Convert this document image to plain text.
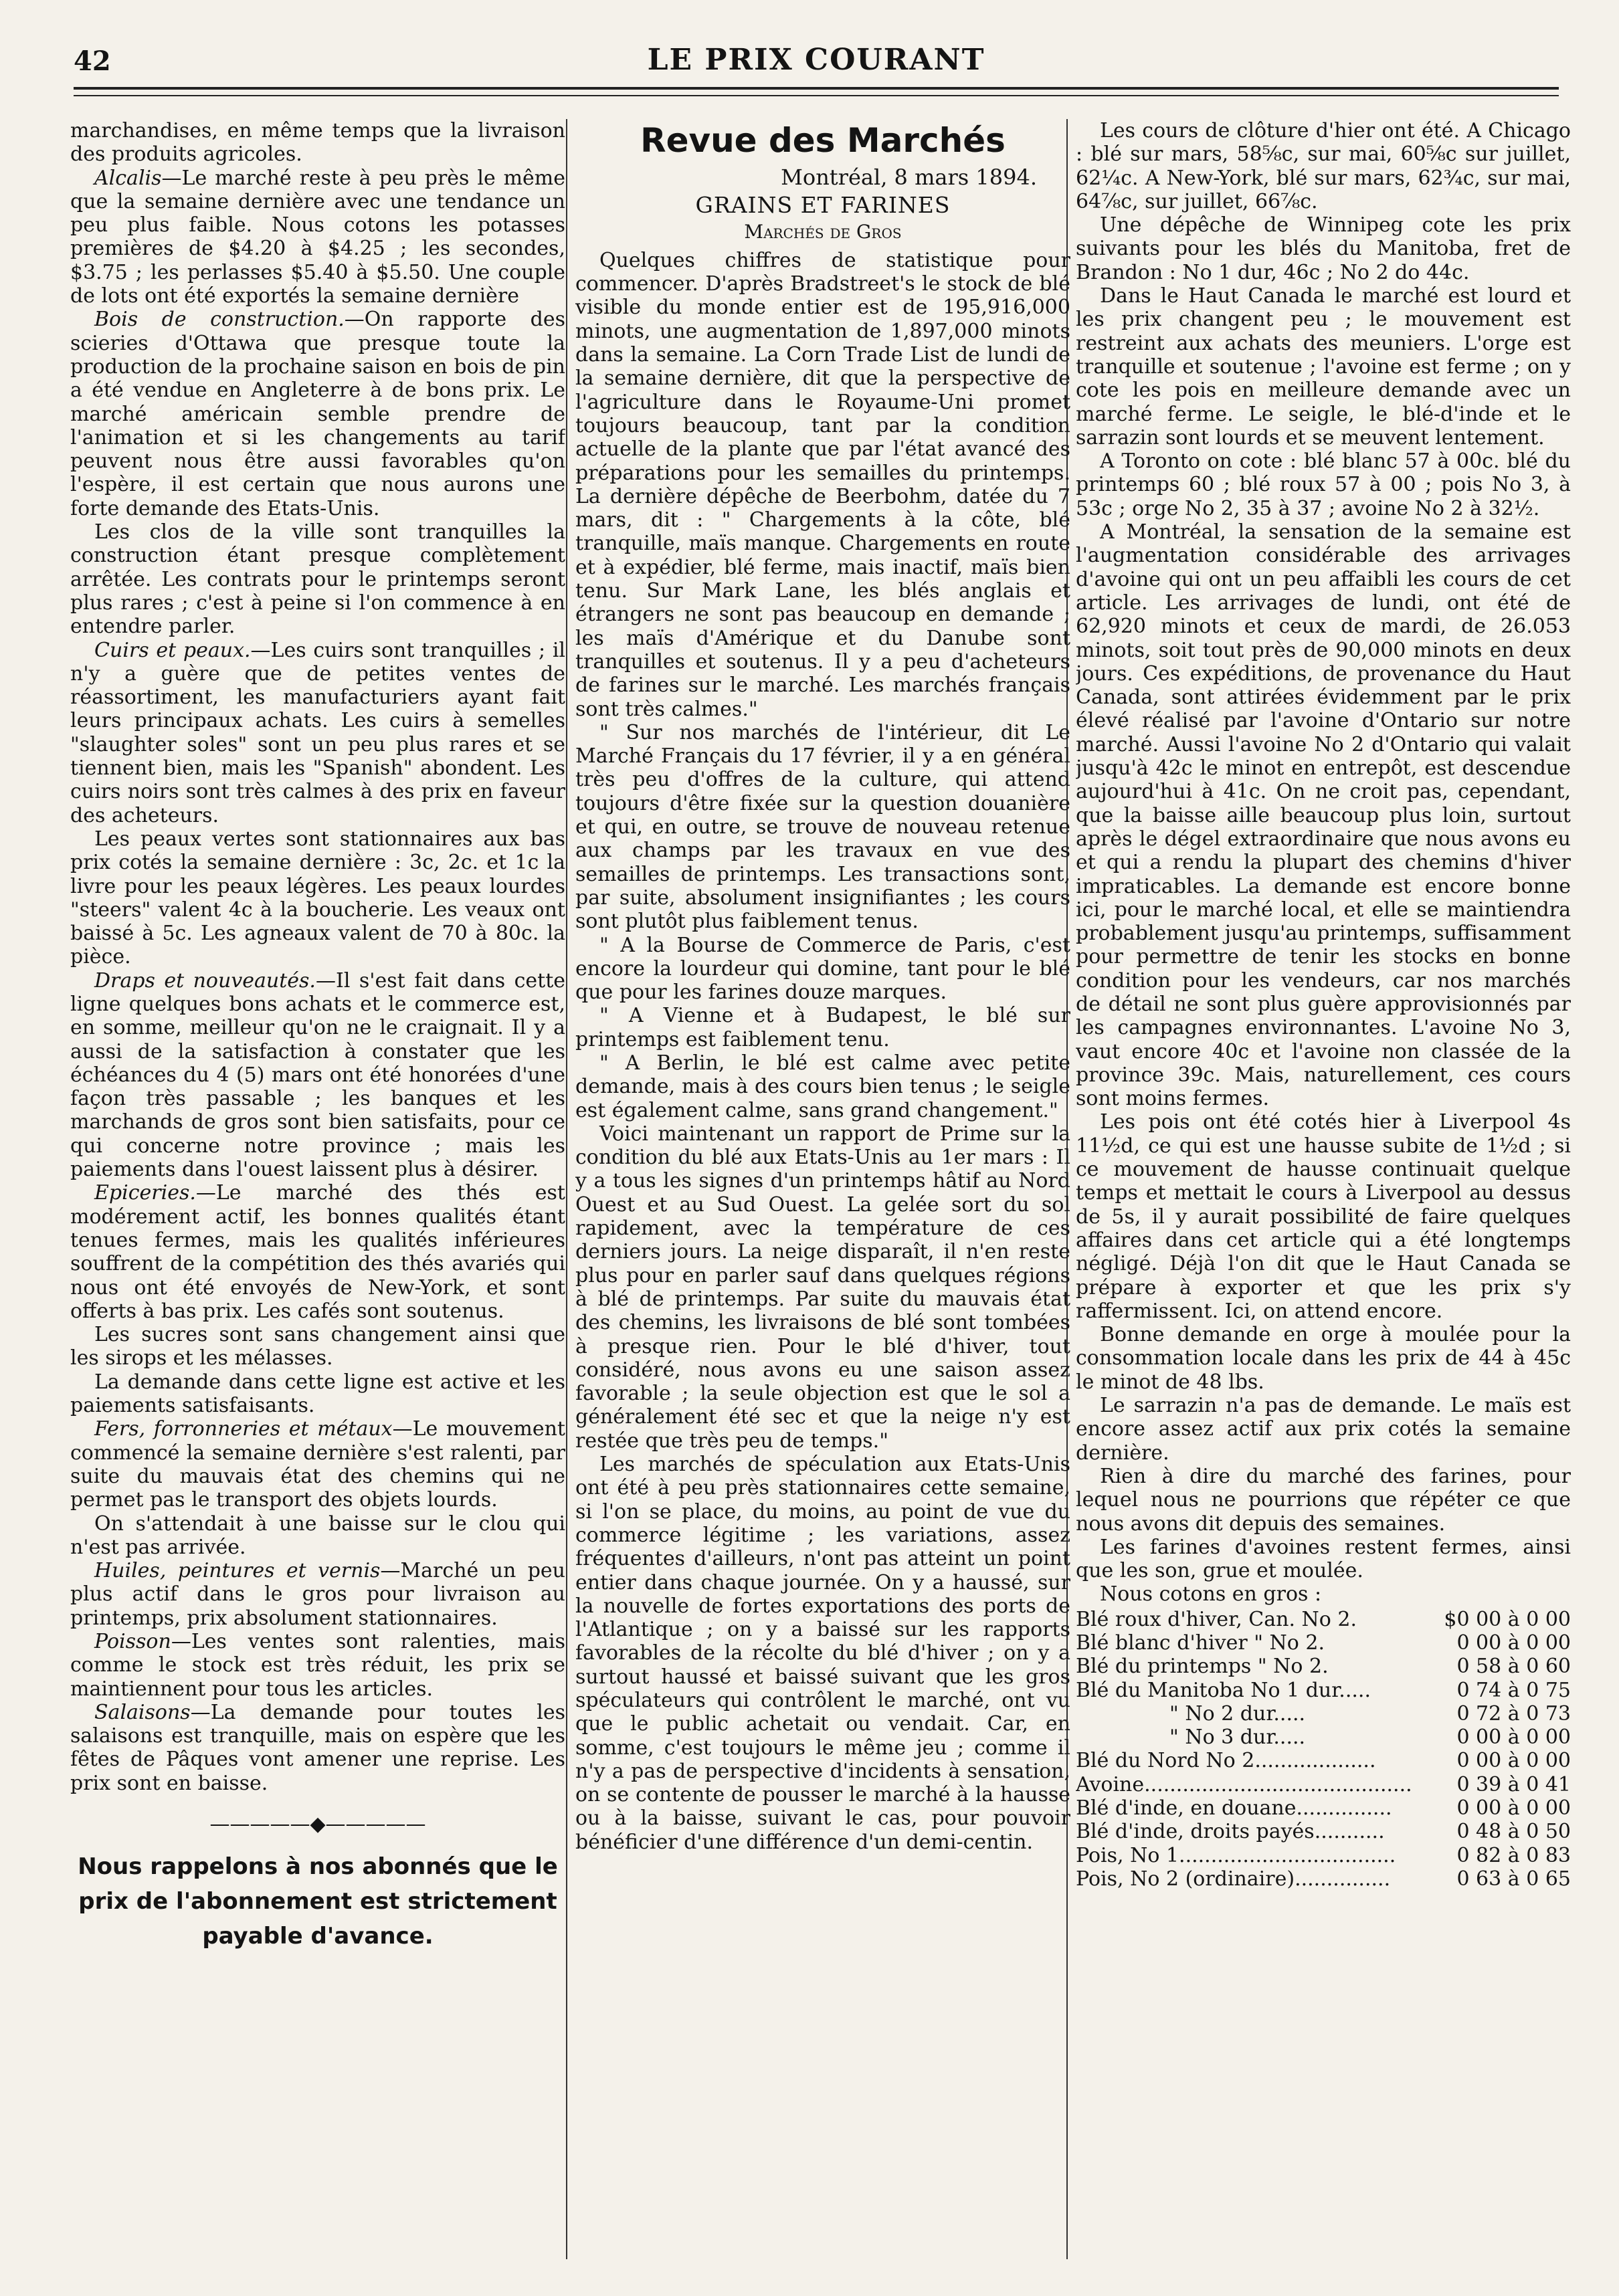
42	LE PRIX COURANT

marchandises, en même temps que la livraison des produits agricoles.

Alcalis—Le marché reste à peu près le même que la semaine dernière avec une tendance un peu plus faible. Nous cotons les potasses premières de $4.20 à $4.25 ; les secondes, $3.75 ; les perlasses $5.40 à $5.50. Une couple de lots ont été exportés la semaine dernière

Bois de construction.—On rapporte des scieries d'Ottawa que presque toute la production de la prochaine saison en bois de pin a été vendue en Angleterre à de bons prix. Le marché américain semble prendre de l'animation et si les changements au tarif peuvent nous être aussi favorables qu'on l'espère, il est certain que nous aurons une forte demande des Etats-Unis.

Les clos de la ville sont tranquilles la construction étant presque complètement arrêtée. Les contrats pour le printemps seront plus rares ; c'est à peine si l'on commence à en entendre parler.

Cuirs et peaux.—Les cuirs sont tranquilles ; il n'y a guère que de petites ventes de réassortiment, les manufacturiers ayant fait leurs principaux achats. Les cuirs à semelles "slaughter soles" sont un peu plus rares et se tiennent bien, mais les "Spanish" abondent. Les cuirs noirs sont très calmes à des prix en faveur des acheteurs.

Les peaux vertes sont stationnaires aux bas prix cotés la semaine dernière : 3c, 2c. et 1c la livre pour les peaux légères. Les peaux lourdes "steers" valent 4c à la boucherie. Les veaux ont baissé à 5c. Les agneaux valent de 70 à 80c. la pièce.

Draps et nouveautés.—Il s'est fait dans cette ligne quelques bons achats et le commerce est, en somme, meilleur qu'on ne le craignait. Il y a aussi de la satisfaction à constater que les échéances du 4 (5) mars ont été honorées d'une façon très passable ; les banques et les marchands de gros sont bien satisfaits, pour ce qui concerne notre province ; mais les paiements dans l'ouest laissent plus à désirer.

Epiceries.—Le marché des thés est modérement actif, les bonnes qualités étant tenues fermes, mais les qualités inférieures souffrent de la compétition des thés avariés qui nous ont été envoyés de New-York, et sont offerts à bas prix. Les cafés sont soutenus.

Les sucres sont sans changement ainsi que les sirops et les mélasses.

La demande dans cette ligne est active et les paiements satisfaisants.

Fers, forronneries et métaux—Le mouvement commencé la semaine dernière s'est ralenti, par suite du mauvais état des chemins qui ne permet pas le transport des objets lourds.

On s'attendait à une baisse sur le clou qui n'est pas arrivée.

Huiles, peintures et vernis—Marché un peu plus actif dans le gros pour livraison au printemps, prix absolument stationnaires.

Poisson—Les ventes sont ralenties, mais comme le stock est très réduit, les prix se maintiennent pour tous les articles.

Salaisons—La demande pour toutes les salaisons est tranquille, mais on espère que les fêtes de Pâques vont amener une reprise. Les prix sont en baisse.

—————◆—————
Nous rappelons à nos abonnés que le prix de l'abonnement est strictement payable d'avance.
Revue des Marchés
Montréal, 8 mars 1894.
GRAINS ET FARINES
Marchés de Gros

Quelques chiffres de statistique pour commencer. D'après Bradstreet's le stock de blé visible du monde entier est de 195,916,000 minots, une augmentation de 1,897,000 minots dans la semaine. La Corn Trade List de lundi de la semaine dernière, dit que la perspective de l'agriculture dans le Royaume-Uni promet toujours beaucoup, tant par la condition actuelle de la plante que par l'état avancé des préparations pour les semailles du printemps. La dernière dépêche de Beerbohm, datée du 7 mars, dit : " Chargements à la côte, blé tranquille, maïs manque. Chargements en route et à expédier, blé ferme, mais inactif, maïs bien tenu. Sur Mark Lane, les blés anglais et étrangers ne sont pas beaucoup en demande ; les maïs d'Amérique et du Danube sont tranquilles et soutenus. Il y a peu d'acheteurs de farines sur le marché. Les marchés français sont très calmes."

" Sur nos marchés de l'intérieur, dit Le Marché Français du 17 février, il y a en général très peu d'offres de la culture, qui attend toujours d'être fixée sur la question douanière et qui, en outre, se trouve de nouveau retenue aux champs par les travaux en vue des semailles de printemps. Les transactions sont, par suite, absolument insignifiantes ; les cours sont plutôt plus faiblement tenus.

" A la Bourse de Commerce de Paris, c'est encore la lourdeur qui domine, tant pour le blé que pour les farines douze marques.

" A Vienne et à Budapest, le blé sur printemps est faiblement tenu.

" A Berlin, le blé est calme avec petite demande, mais à des cours bien tenus ; le seigle est également calme, sans grand changement."

Voici maintenant un rapport de Prime sur la condition du blé aux Etats-Unis au 1er mars : Il y a tous les signes d'un printemps hâtif au Nord Ouest et au Sud Ouest. La gelée sort du sol rapidement, avec la température de ces derniers jours. La neige disparaît, il n'en reste plus pour en parler sauf dans quelques régions à blé de printemps. Par suite du mauvais état des chemins, les livraisons de blé sont tombées à presque rien. Pour le blé d'hiver, tout considéré, nous avons eu une saison assez favorable ; la seule objection est que le sol a généralement été sec et que la neige n'y est restée que très peu de temps."

Les marchés de spéculation aux Etats-Unis ont été à peu près stationnaires cette semaine, si l'on se place, du moins, au point de vue du commerce légitime ; les variations, assez fréquentes d'ailleurs, n'ont pas atteint un point entier dans chaque journée. On y a haussé, sur la nouvelle de fortes exportations des ports de l'Atlantique ; on y a baissé sur les rapports favorables de la récolte du blé d'hiver ; on y a surtout haussé et baissé suivant que les gros spéculateurs qui contrôlent le marché, ont vu que le public achetait ou vendait. Car, en somme, c'est toujours le même jeu ; comme il n'y a pas de perspective d'incidents à sensation, on se contente de pousser le marché à la hausse ou à la baisse, suivant le cas, pour pouvoir bénéficier d'une différence d'un demi-centin.

Les cours de clôture d'hier ont été. A Chicago : blé sur mars, 58⅝c, sur mai, 60⅝c sur juillet, 62¼c. A New-York, blé sur mars, 62¾c, sur mai, 64⅞c, sur juillet, 66⅞c.

Une dépêche de Winnipeg cote les prix suivants pour les blés du Manitoba, fret de Brandon : No 1 dur, 46c ; No 2 do 44c.

Dans le Haut Canada le marché est lourd et les prix changent peu ; le mouvement est restreint aux achats des meuniers. L'orge est tranquille et soutenue ; l'avoine est ferme ; on y cote les pois en meilleure demande avec un marché ferme. Le seigle, le blé-d'inde et le sarrazin sont lourds et se meuvent lentement.

A Toronto on cote : blé blanc 57 à 00c. blé du printemps 60 ; blé roux 57 à 00 ; pois No 3, à 53c ; orge No 2, 35 à 37 ; avoine No 2 à 32½.

A Montréal, la sensation de la semaine est l'augmentation considérable des arrivages d'avoine qui ont un peu affaibli les cours de cet article. Les arrivages de lundi, ont été de 62,920 minots et ceux de mardi, de 26.053 minots, soit tout près de 90,000 minots en deux jours. Ces expéditions, de provenance du Haut Canada, sont attirées évidemment par le prix élevé réalisé par l'avoine d'Ontario sur notre marché. Aussi l'avoine No 2 d'Ontario qui valait jusqu'à 42c le minot en entrepôt, est descendue aujourd'hui à 41c. On ne croit pas, cependant, que la baisse aille beaucoup plus loin, surtout après le dégel extraordinaire que nous avons eu et qui a rendu la plupart des chemins d'hiver impraticables. La demande est encore bonne ici, pour le marché local, et elle se maintiendra probablement jusqu'au printemps, suffisamment pour permettre de tenir les stocks en bonne condition pour les vendeurs, car nos marchés de détail ne sont plus guère approvisionnés par les campagnes environnantes. L'avoine No 3, vaut encore 40c et l'avoine non classée de la province 39c. Mais, naturellement, ces cours sont moins fermes.

Les pois ont été cotés hier à Liverpool 4s 11½d, ce qui est une hausse subite de 1½d ; si ce mouvement de hausse continuait quelque temps et mettait le cours à Liverpool au dessus de 5s, il y aurait possibilité de faire quelques affaires dans cet article qui a été longtemps négligé. Déjà l'on dit que le Haut Canada se prépare à exporter et que les prix s'y raffermissent. Ici, on attend encore.

Bonne demande en orge à moulée pour la consommation locale dans les prix de 44 à 45c le minot de 48 lbs.

Le sarrazin n'a pas de demande. Le maïs est encore assez actif aux prix cotés la semaine dernière.

Rien à dire du marché des farines, pour lequel nous ne pourrions que répéter ce que nous avons dit depuis des semaines.

Les farines d'avoines restent fermes, ainsi que les son, grue et moulée.

Nous cotons en gros :

Blé roux d'hiver, Can. No 2.	$0 00 à 0 00
Blé blanc d'hiver " No 2.	0 00 à 0 00
Blé du printemps " No 2.	0 58 à 0 60
Blé du Manitoba No 1 dur.....	0 74 à 0 75
" No 2 dur.....	0 72 à 0 73
" No 3 dur.....	0 00 à 0 00
Blé du Nord No 2...................	0 00 à 0 00
Avoine..........................................	0 39 à 0 41
Blé d'inde, en douane...............	0 00 à 0 00
Blé d'inde, droits payés...........	0 48 à 0 50
Pois, No 1..................................	0 82 à 0 83
Pois, No 2 (ordinaire)...............	0 63 à 0 65
